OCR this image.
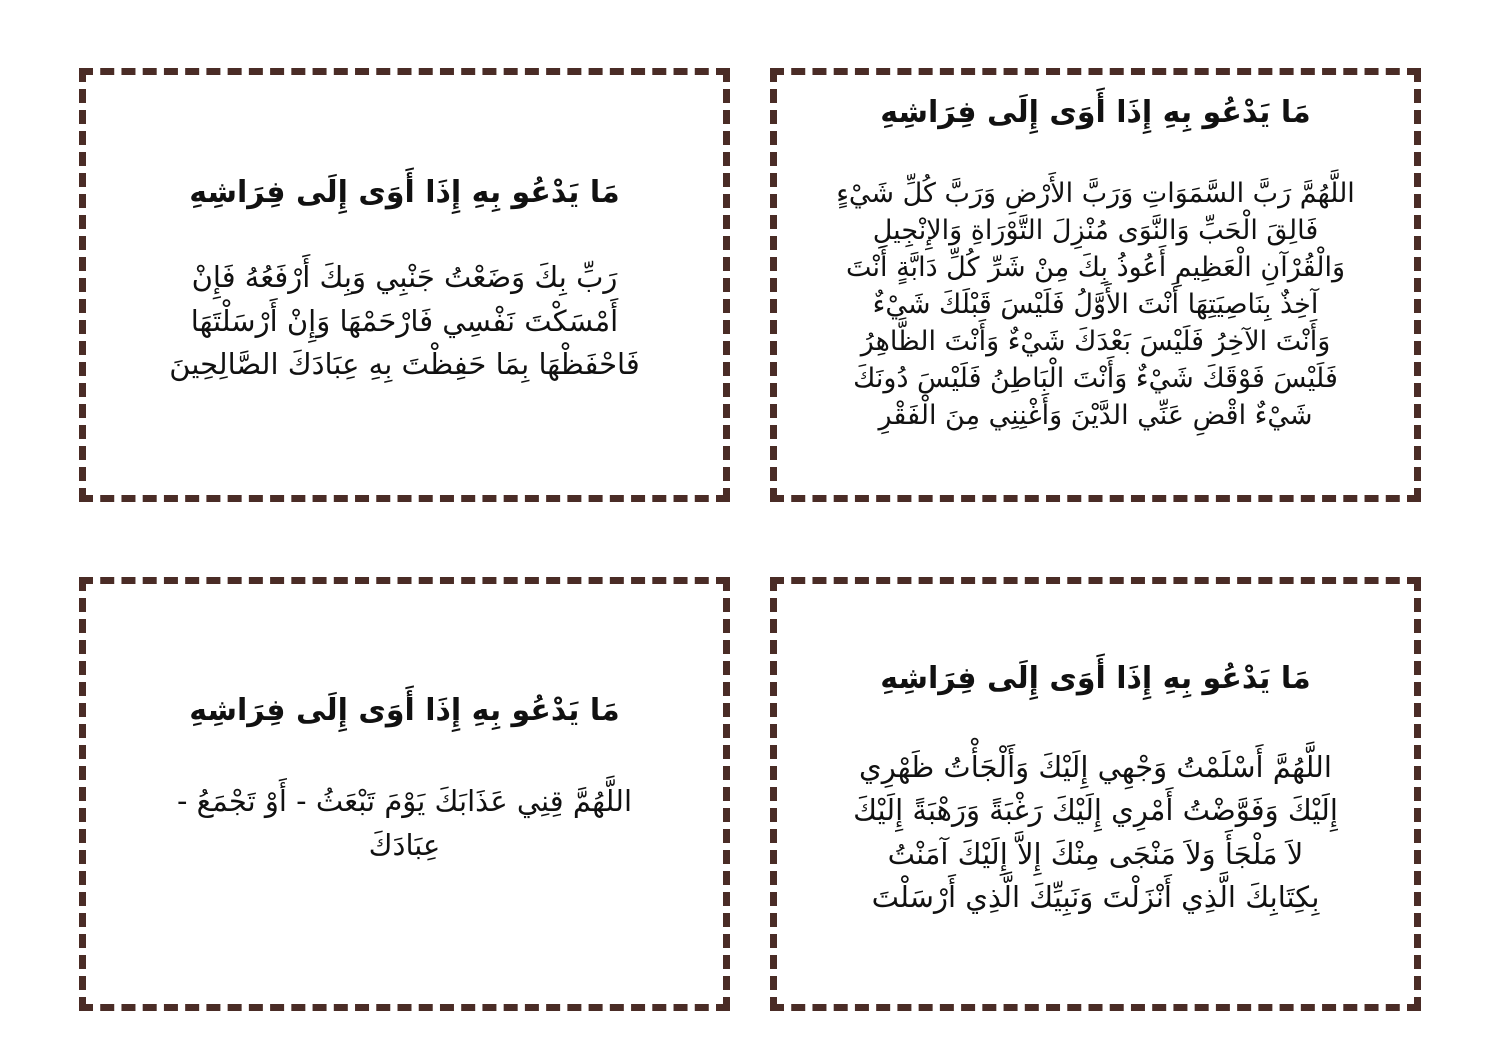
مَا يَدْعُو بِهِ إِذَا أَوَى إِلَى فِرَاشِهِ
رَبِّ بِكَ وَضَعْتُ جَنْبِي وَبِكَ أَرْفَعُهُ فَإِنْ
أَمْسَكْتَ نَفْسِي فَارْحَمْهَا وَإِنْ أَرْسَلْتَهَا
فَاحْفَظْهَا بِمَا حَفِظْتَ بِهِ عِبَادَكَ الصَّالِحِينَ
مَا يَدْعُو بِهِ إِذَا أَوَى إِلَى فِرَاشِهِ
اللَّهُمَّ رَبَّ السَّمَوَاتِ وَرَبَّ الأَرْضِ وَرَبَّ كُلِّ شَيْءٍ
فَالِقَ الْحَبِّ وَالنَّوَى مُنْزِلَ التَّوْرَاةِ وَالإِنْجِيلِ
وَالْقُرْآنِ الْعَظِيمِ أَعُوذُ بِكَ مِنْ شَرِّ كُلِّ دَابَّةٍ أَنْتَ
آخِذٌ بِنَاصِيَتِهَا أَنْتَ الأَوَّلُ فَلَيْسَ قَبْلَكَ شَيْءٌ
وَأَنْتَ الآخِرُ فَلَيْسَ بَعْدَكَ شَيْءٌ وَأَنْتَ الظَّاهِرُ
فَلَيْسَ فَوْقَكَ شَيْءٌ وَأَنْتَ الْبَاطِنُ فَلَيْسَ دُونَكَ
شَيْءٌ اقْضِ عَنِّي الدَّيْنَ وَأَغْنِنِي مِنَ الْفَقْرِ
مَا يَدْعُو بِهِ إِذَا أَوَى إِلَى فِرَاشِهِ
اللَّهُمَّ قِنِي عَذَابَكَ يَوْمَ تَبْعَثُ - أَوْ تَجْمَعُ -
عِبَادَكَ
مَا يَدْعُو بِهِ إِذَا أَوَى إِلَى فِرَاشِهِ
اللَّهُمَّ أَسْلَمْتُ وَجْهِي إِلَيْكَ وَأَلْجَأْتُ ظَهْرِي
إِلَيْكَ وَفَوَّضْتُ أَمْرِي إِلَيْكَ رَغْبَةً وَرَهْبَةً إِلَيْكَ
لاَ مَلْجَأَ وَلاَ مَنْجَى مِنْكَ إِلاَّ إِلَيْكَ آمَنْتُ
بِكِتَابِكَ الَّذِي أَنْزَلْتَ وَنَبِيِّكَ الَّذِي أَرْسَلْتَ
